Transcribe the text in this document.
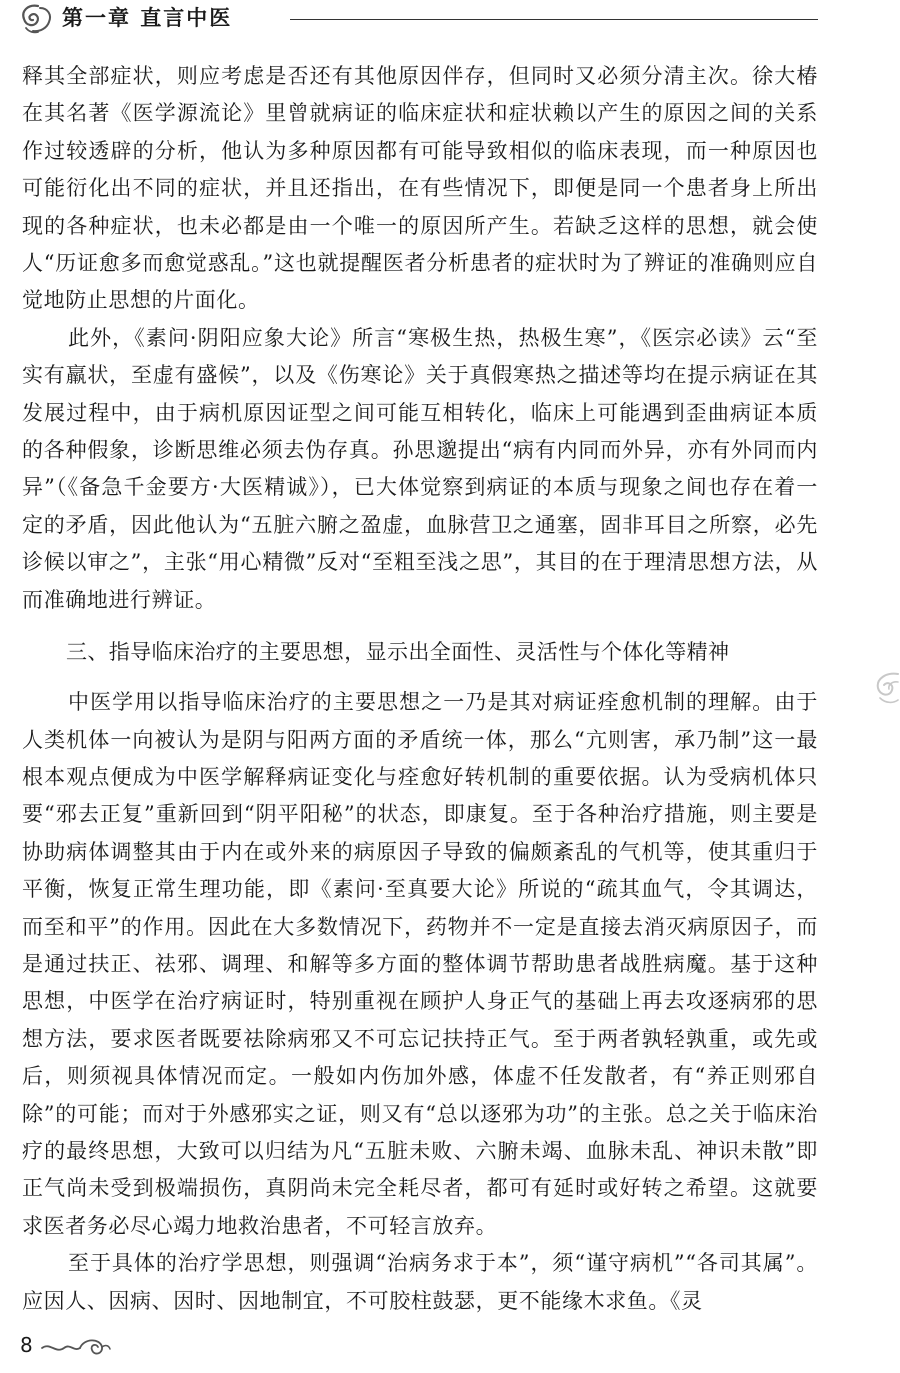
第一章 直言中医

释其全部症状，则应考虑是否还有其他原因伴存，但同时又必须分清主次。徐大椿在其名著《医学源流论》里曾就病证的临床症状和症状赖以产生的原因之间的关系作过较透辟的分析，他认为多种原因都有可能导致相似的临床表现，而一种原因也可能衍化出不同的症状，并且还指出，在有些情况下，即便是同一个患者身上所出现的各种症状，也未必都是由一个唯一的原因所产生。若缺乏这样的思想，就会使人“历证愈多而愈觉惑乱。”这也就提醒医者分析患者的症状时为了辨证的准确则应自觉地防止思想的片面化。

此外，《素问·阴阳应象大论》所言“寒极生热，热极生寒”，《医宗必读》云“至实有羸状，至虚有盛候”，以及《伤寒论》关于真假寒热之描述等均在提示病证在其发展过程中，由于病机原因证型之间可能互相转化，临床上可能遇到歪曲病证本质的各种假象，诊断思维必须去伪存真。孙思邈提出“病有内同而外异，亦有外同而内异”（《备急千金要方·大医精诚》），已大体觉察到病证的本质与现象之间也存在着一定的矛盾，因此他认为“五脏六腑之盈虚，血脉营卫之通塞，固非耳目之所察，必先诊候以审之”，主张“用心精微”反对“至粗至浅之思”，其目的在于理清思想方法，从而准确地进行辨证。

三、指导临床治疗的主要思想，显示出全面性、灵活性与个体化等精神

中医学用以指导临床治疗的主要思想之一乃是其对病证痊愈机制的理解。由于人类机体一向被认为是阴与阳两方面的矛盾统一体，那么“亢则害，承乃制”这一最根本观点便成为中医学解释病证变化与痊愈好转机制的重要依据。认为受病机体只要“邪去正复”重新回到“阴平阳秘”的状态，即康复。至于各种治疗措施，则主要是协助病体调整其由于内在或外来的病原因子导致的偏颇紊乱的气机等，使其重归于平衡，恢复正常生理功能，即《素问·至真要大论》所说的“疏其血气，令其调达，而至和平”的作用。因此在大多数情况下，药物并不一定是直接去消灭病原因子，而是通过扶正、祛邪、调理、和解等多方面的整体调节帮助患者战胜病魔。基于这种思想，中医学在治疗病证时，特别重视在顾护人身正气的基础上再去攻逐病邪的思想方法，要求医者既要祛除病邪又不可忘记扶持正气。至于两者孰轻孰重，或先或后，则须视具体情况而定。一般如内伤加外感，体虚不任发散者，有“养正则邪自除”的可能；而对于外感邪实之证，则又有“总以逐邪为功”的主张。总之关于临床治疗的最终思想，大致可以归结为凡“五脏未败、六腑未竭、血脉未乱、神识未散”即正气尚未受到极端损伤，真阴尚未完全耗尽者，都可有延时或好转之希望。这就要求医者务必尽心竭力地救治患者，不可轻言放弃。

至于具体的治疗学思想，则强调“治病务求于本”，须“谨守病机”“各司其属”。应因人、因病、因时、因地制宜，不可胶柱鼓瑟，更不能缘木求鱼。《灵

8
